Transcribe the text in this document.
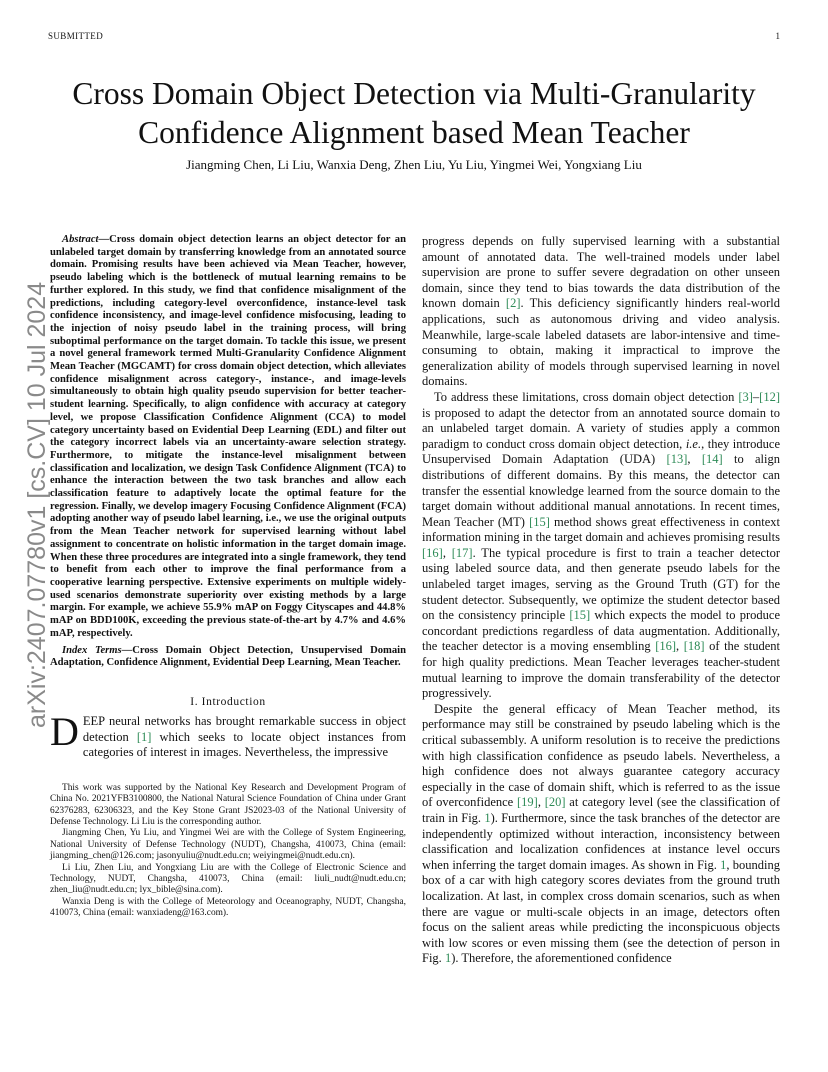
SUBMITTED	1
arXiv:2407.07780v1 [cs.CV] 10 Jul 2024
Cross Domain Object Detection via Multi-Granularity Confidence Alignment based Mean Teacher
Jiangming Chen, Li Liu, Wanxia Deng, Zhen Liu, Yu Liu, Yingmei Wei, Yongxiang Liu

Abstract—Cross domain object detection learns an object detector for an unlabeled target domain by transferring knowledge from an annotated source domain. Promising results have been achieved via Mean Teacher, however, pseudo labeling which is the bottleneck of mutual learning remains to be further explored. In this study, we find that confidence misalignment of the predictions, including category-level overconfidence, instance-level task confidence inconsistency, and image-level confidence misfocusing, leading to the injection of noisy pseudo label in the training process, will bring suboptimal performance on the target domain. To tackle this issue, we present a novel general framework termed Multi-Granularity Confidence Alignment Mean Teacher (MGCAMT) for cross domain object detection, which alleviates confidence misalignment across category-, instance-, and image-levels simultaneously to obtain high quality pseudo supervision for better teacher-student learning. Specifically, to align confidence with accuracy at category level, we propose Classification Confidence Alignment (CCA) to model category uncertainty based on Evidential Deep Learning (EDL) and filter out the category incorrect labels via an uncertainty-aware selection strategy. Furthermore, to mitigate the instance-level misalignment between classification and localization, we design Task Confidence Alignment (TCA) to enhance the interaction between the two task branches and allow each classification feature to adaptively locate the optimal feature for the regression. Finally, we develop imagery Focusing Confidence Alignment (FCA) adopting another way of pseudo label learning, i.e., we use the original outputs from the Mean Teacher network for supervised learning without label assignment to concentrate on holistic information in the target domain image. When these three procedures are integrated into a single framework, they tend to benefit from each other to improve the final performance from a cooperative learning perspective. Extensive experiments on multiple widely-used scenarios demonstrate superiority over existing methods by a large margin. For example, we achieve 55.9% mAP on Foggy Cityscapes and 44.8% mAP on BDD100K, exceeding the previous state-of-the-art by 4.7% and 4.6% mAP, respectively.

Index Terms—Cross Domain Object Detection, Unsupervised Domain Adaptation, Confidence Alignment, Evidential Deep Learning, Mean Teacher.

I. Introduction

DEEP neural networks has brought remarkable success in object detection [1] which seeks to locate object instances from categories of interest in images. Nevertheless, the impressive

This work was supported by the National Key Research and Development Program of China No. 2021YFB3100800, the National Natural Science Foundation of China under Grant 62376283, 62306323, and the Key Stone Grant JS2023-03 of the National University of Defense Technology. Li Liu is the corresponding author.

Jiangming Chen, Yu Liu, and Yingmei Wei are with the College of System Engineering, National University of Defense Technology (NUDT), Changsha, 410073, China (email: jiangming_chen@126.com; jasonyuliu@nudt.edu.cn; weiyingmei@nudt.edu.cn).

Li Liu, Zhen Liu, and Yongxiang Liu are with the College of Electronic Science and Technology, NUDT, Changsha, 410073, China (email: liuli_nudt@nudt.edu.cn; zhen_liu@nudt.edu.cn; lyx_bible@sina.com).

Wanxia Deng is with the College of Meteorology and Oceanography, NUDT, Changsha, 410073, China (email: wanxiadeng@163.com).

progress depends on fully supervised learning with a substantial amount of annotated data. The well-trained models under label supervision are prone to suffer severe degradation on other unseen domain, since they tend to bias towards the data distribution of the known domain [2]. This deficiency significantly hinders real-world applications, such as autonomous driving and video analysis. Meanwhile, large-scale labeled datasets are labor-intensive and time-consuming to obtain, making it impractical to improve the generalization ability of models through supervised learning in novel domains.

To address these limitations, cross domain object detection [3]–[12] is proposed to adapt the detector from an annotated source domain to an unlabeled target domain. A variety of studies apply a common paradigm to conduct cross domain object detection, i.e., they introduce Unsupervised Domain Adaptation (UDA) [13], [14] to align distributions of different domains. By this means, the detector can transfer the essential knowledge learned from the source domain to the target domain without additional manual annotations. In recent times, Mean Teacher (MT) [15] method shows great effectiveness in context information mining in the target domain and achieves promising results [16], [17]. The typical procedure is first to train a teacher detector using labeled source data, and then generate pseudo labels for the unlabeled target images, serving as the Ground Truth (GT) for the student detector. Subsequently, we optimize the student detector based on the consistency principle [15] which expects the model to produce concordant predictions regardless of data augmentation. Additionally, the teacher detector is a moving ensembling [16], [18] of the student for high quality predictions. Mean Teacher leverages teacher-student mutual learning to improve the domain transferability of the detector progressively.

Despite the general efficacy of Mean Teacher method, its performance may still be constrained by pseudo labeling which is the critical subassembly. A uniform resolution is to receive the predictions with high classification confidence as pseudo labels. Nevertheless, a high confidence does not always guarantee category accuracy especially in the case of domain shift, which is referred to as the issue of overconfidence [19], [20] at category level (see the classification of train in Fig. 1). Furthermore, since the task branches of the detector are independently optimized without interaction, inconsistency between classification and localization confidences at instance level occurs when inferring the target domain images. As shown in Fig. 1, bounding box of a car with high category scores deviates from the ground truth localization. At last, in complex cross domain scenarios, such as when there are vague or multi-scale objects in an image, detectors often focus on the salient areas while predicting the inconspicuous objects with low scores or even missing them (see the detection of person in Fig. 1). Therefore, the aforementioned confidence
